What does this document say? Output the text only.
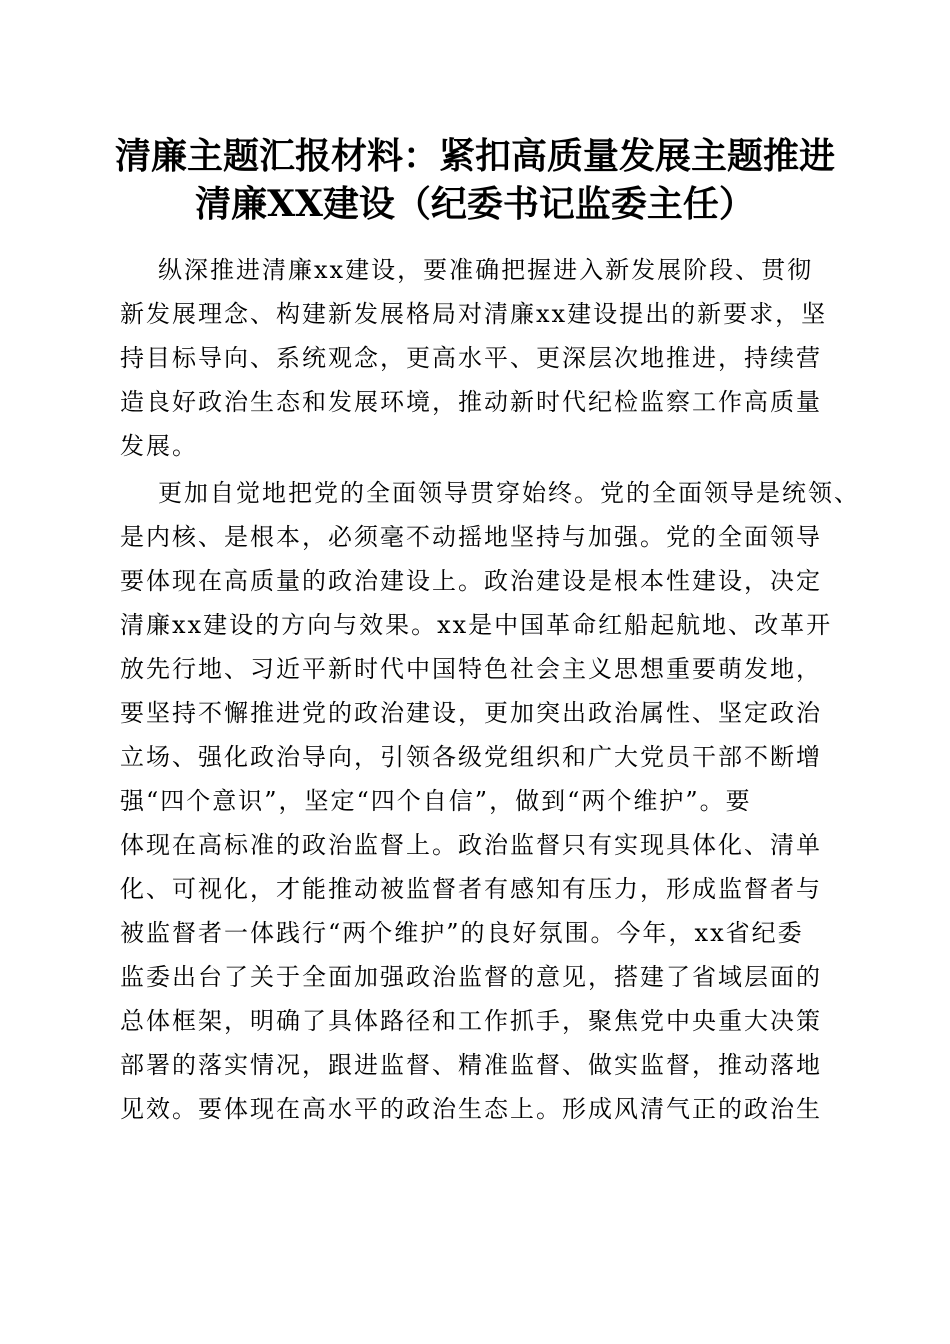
清廉主题汇报材料：紧扣高质量发展主题推进
清廉XX建设（纪委书记监委主任）
纵深推进清廉xx建设，要准确把握进入新发展阶段、贯彻
新发展理念、构建新发展格局对清廉xx建设提出的新要求，坚
持目标导向、系统观念，更高水平、更深层次地推进，持续营
造良好政治生态和发展环境，推动新时代纪检监察工作高质量
发展。
更加自觉地把党的全面领导贯穿始终。党的全面领导是统领、
是内核、是根本，必须毫不动摇地坚持与加强。党的全面领导
要体现在高质量的政治建设上。政治建设是根本性建设，决定
清廉xx建设的方向与效果。xx是中国革命红船起航地、改革开
放先行地、习近平新时代中国特色社会主义思想重要萌发地，
要坚持不懈推进党的政治建设，更加突出政治属性、坚定政治
立场、强化政治导向，引领各级党组织和广大党员干部不断增
强“四个意识”，坚定“四个自信”，做到“两个维护”。要
体现在高标准的政治监督上。政治监督只有实现具体化、清单
化、可视化，才能推动被监督者有感知有压力，形成监督者与
被监督者一体践行“两个维护”的良好氛围。今年，xx省纪委
监委出台了关于全面加强政治监督的意见，搭建了省域层面的
总体框架，明确了具体路径和工作抓手，聚焦党中央重大决策
部署的落实情况，跟进监督、精准监督、做实监督，推动落地
见效。要体现在高水平的政治生态上。形成风清气正的政治生
